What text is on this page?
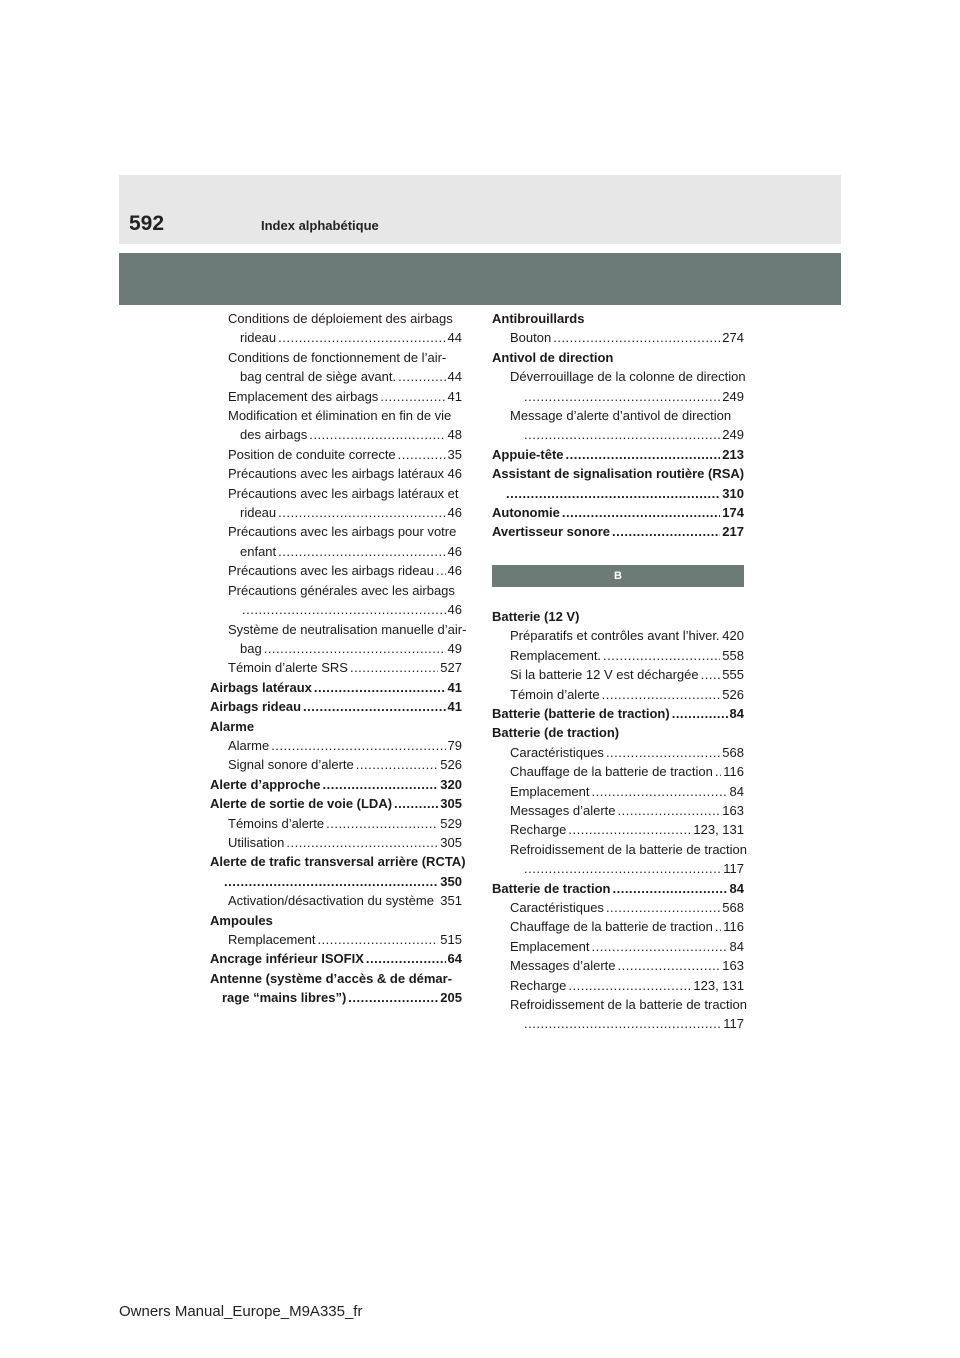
592	Index alphabétique
Conditions de déploiement des airbags
rideau .....	44
Conditions de fonctionnement de l’air-
bag central de siège avant. .....	44
Emplacement des airbags .....	41
Modification et élimination en fin de vie
des airbags .....	48
Position de conduite correcte .....	35
Précautions avec les airbags latéraux 46
Précautions avec les airbags latéraux et
rideau .....	46
Précautions avec les airbags pour votre
enfant .....	46
Précautions avec les airbags rideau ..... 46
Précautions générales avec les airbags
.....
46
Système de neutralisation manuelle d’air-
bag .....	49
Témoin d’alerte SRS .....	527
Airbags latéraux .....	41
Airbags rideau .....	41
Alarme
Alarme .....	79
Signal sonore d’alerte .....	526
Alerte d’approche .....	320
Alerte de sortie de voie (LDA) .....	305
Témoins d’alerte .....	529
Utilisation .....	305
Alerte de trafic transversal arrière (RCTA)
.....
350
Activation/désactivation du système 351
Ampoules
Remplacement .....	515
Ancrage inférieur ISOFIX .....	64
Antenne (système d’accès & de démar-
rage “mains libres”) .....	205
Antibrouillards
Bouton .....	274
Antivol de direction
Déverrouillage de la colonne de direction
.....
249
Message d’alerte d’antivol de direction
.....
249
Appuie-tête .....	213
Assistant de signalisation routière (RSA)
.....
310
Autonomie .....	174
Avertisseur sonore .....	217
B
Batterie (12 V)
Préparatifs et contrôles avant l’hiver. 420
Remplacement. .....	558
Si la batterie 12 V est déchargée ..... 555
Témoin d’alerte .....	526
Batterie (batterie de traction) .....	84
Batterie (de traction)
Caractéristiques .....	568
Chauffage de la batterie de traction ..... 116
Emplacement .....	84
Messages d’alerte .....	163
Recharge .....	123, 131
Refroidissement de la batterie de traction
.....
117
Batterie de traction .....	84
Caractéristiques .....	568
Chauffage de la batterie de traction ..... 116
Emplacement .....	84
Messages d’alerte .....	163
Recharge .....	123, 131
Refroidissement de la batterie de traction
.....
117
Owners Manual_Europe_M9A335_fr
